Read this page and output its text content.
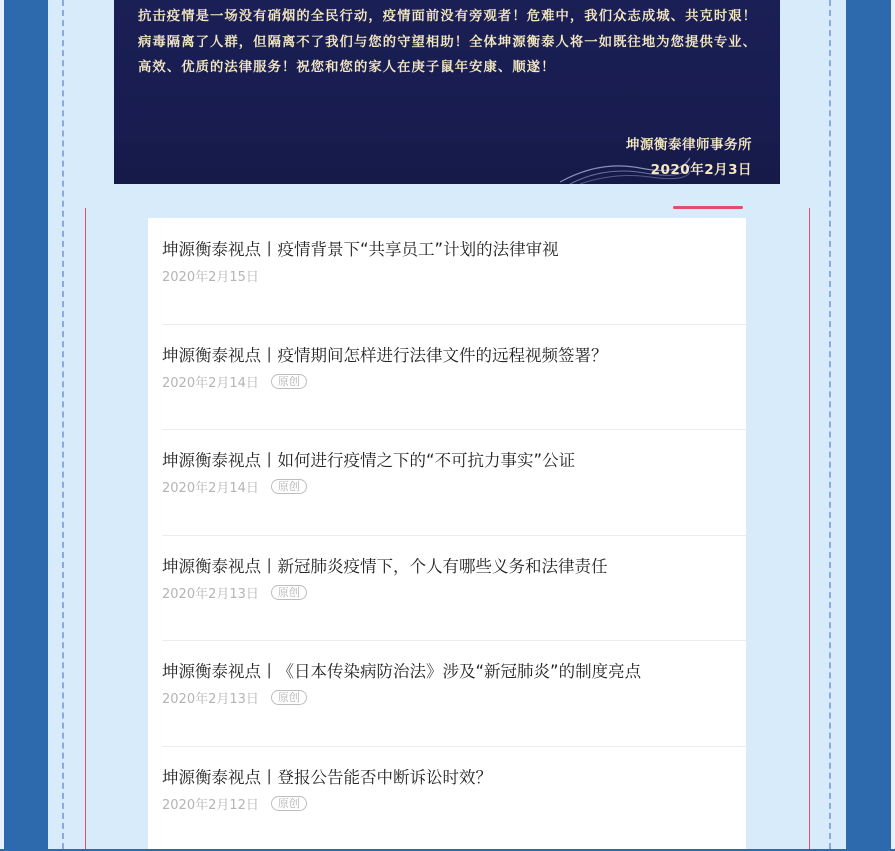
抗击疫情是一场没有硝烟的全民行动，疫情面前没有旁观者！危难中，我们众志成城、共克时艰！病毒隔离了人群，但隔离不了我们与您的守望相助！全体坤源衡泰人将一如既往地为您提供专业、高效、优质的法律服务！祝您和您的家人在庚子鼠年安康、顺遂！
坤源衡泰律师事务所
2020年2月3日
坤源衡泰视点丨疫情背景下“共享员工”计划的法律审视
2020年2月15日
坤源衡泰视点丨疫情期间怎样进行法律文件的远程视频签署？
2020年2月14日	原创
坤源衡泰视点丨如何进行疫情之下的“不可抗力事实”公证
2020年2月14日	原创
坤源衡泰视点丨新冠肺炎疫情下，个人有哪些义务和法律责任
2020年2月13日	原创
坤源衡泰视点丨《日本传染病防治法》涉及“新冠肺炎”的制度亮点
2020年2月13日	原创
坤源衡泰视点丨登报公告能否中断诉讼时效？
2020年2月12日	原创
